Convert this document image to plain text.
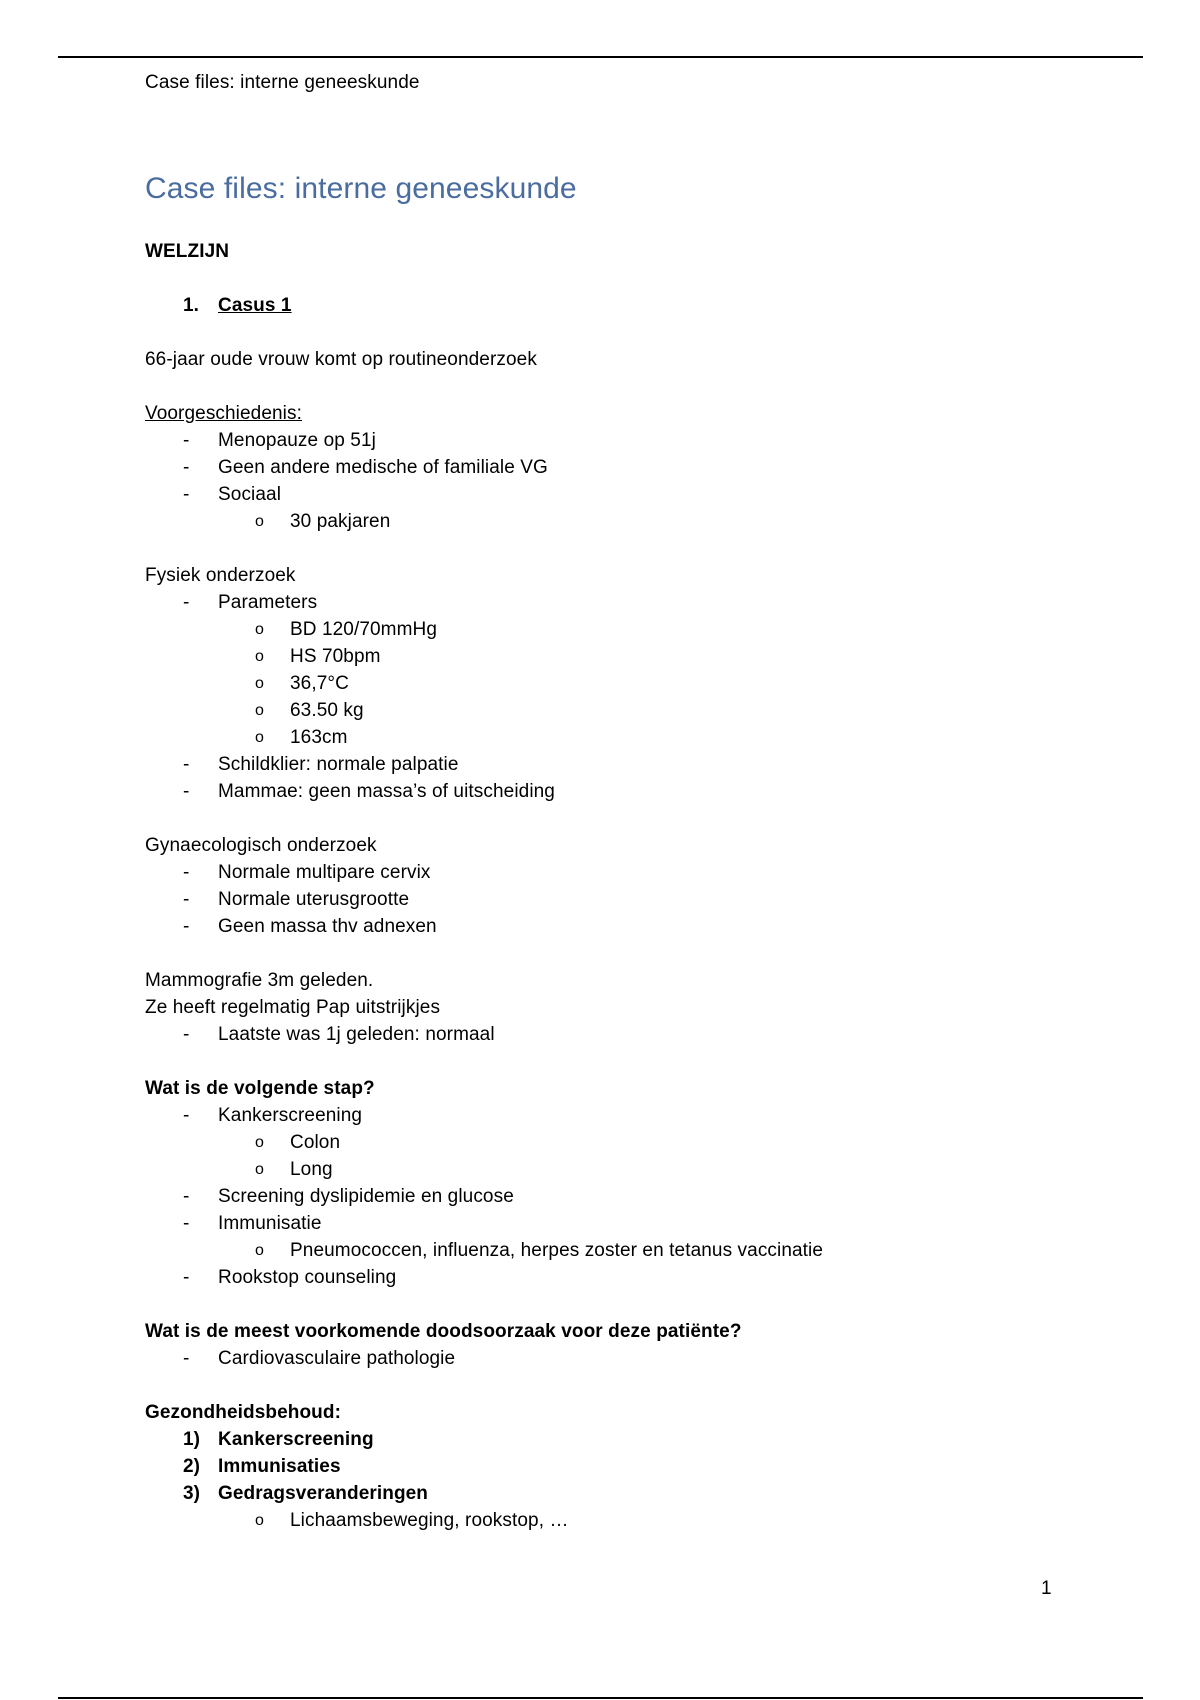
Case files: interne geneeskunde
Case files: interne geneeskunde
WELZIJN
1. Casus 1
66-jaar oude vrouw komt op routineonderzoek
Voorgeschiedenis:
- Menopauze op 51j
- Geen andere medische of familiale VG
- Sociaal
o 30 pakjaren
Fysiek onderzoek
- Parameters
o BD 120/70mmHg
o HS 70bpm
o 36,7°C
o 63.50 kg
o 163cm
- Schildklier: normale palpatie
- Mammae: geen massa’s of uitscheiding
Gynaecologisch onderzoek
- Normale multipare cervix
- Normale uterusgrootte
- Geen massa thv adnexen
Mammografie 3m geleden.
Ze heeft regelmatig Pap uitstrijkjes
- Laatste was 1j geleden: normaal
Wat is de volgende stap?
- Kankerscreening
o Colon
o Long
- Screening dyslipidemie en glucose
- Immunisatie
o Pneumococcen, influenza, herpes zoster en tetanus vaccinatie
- Rookstop counseling
Wat is de meest voorkomende doodsoorzaak voor deze patiënte?
- Cardiovasculaire pathologie
Gezondheidsbehoud:
1) Kankerscreening
2) Immunisaties
3) Gedragsveranderingen
o Lichaamsbeweging, rookstop, …
1
